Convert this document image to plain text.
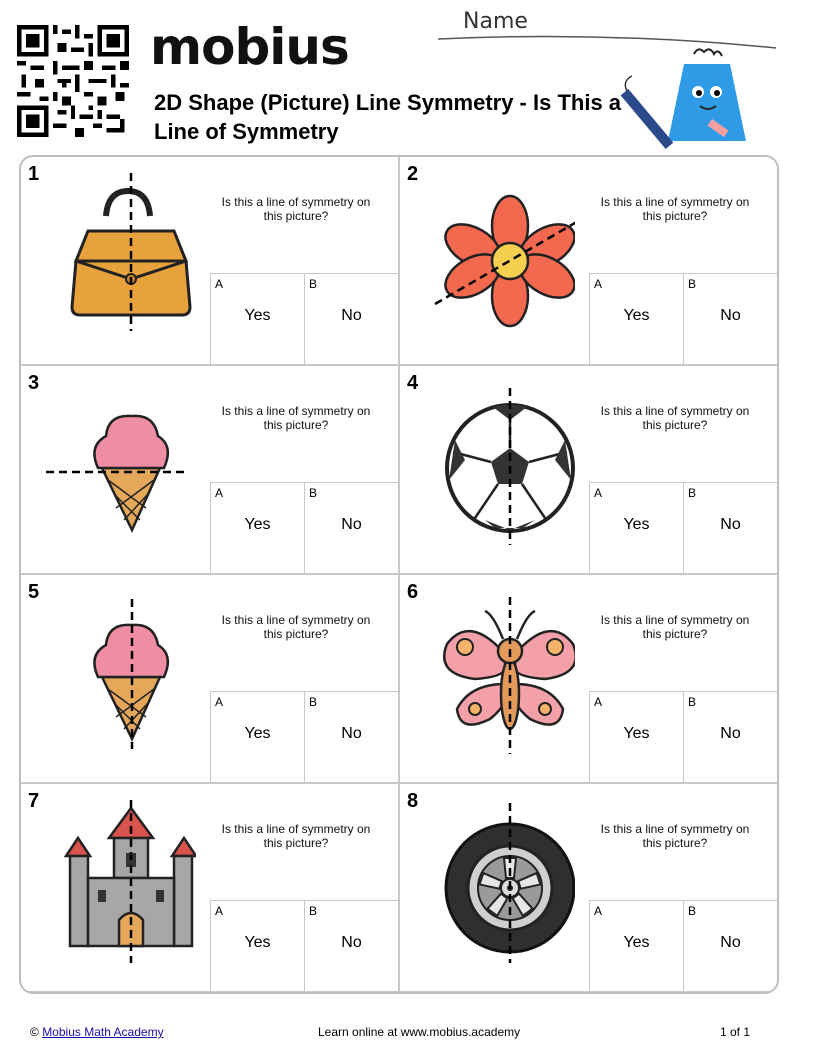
mobius
2D Shape (Picture) Line Symmetry - Is This a Line of Symmetry
Name
1
Is this a line of symmetry on this picture?
A
Yes
B
No
2
Is this a line of symmetry on this picture?
A
Yes
B
No
3
Is this a line of symmetry on this picture?
A
Yes
B
No
4
Is this a line of symmetry on this picture?
A
Yes
B
No
5
Is this a line of symmetry on this picture?
A
Yes
B
No
6
Is this a line of symmetry on this picture?
A
Yes
B
No
7
Is this a line of symmetry on this picture?
A
Yes
B
No
8
Is this a line of symmetry on this picture?
A
Yes
B
No
© Mobius Math Academy	Learn online at www.mobius.academy	1 of 1
